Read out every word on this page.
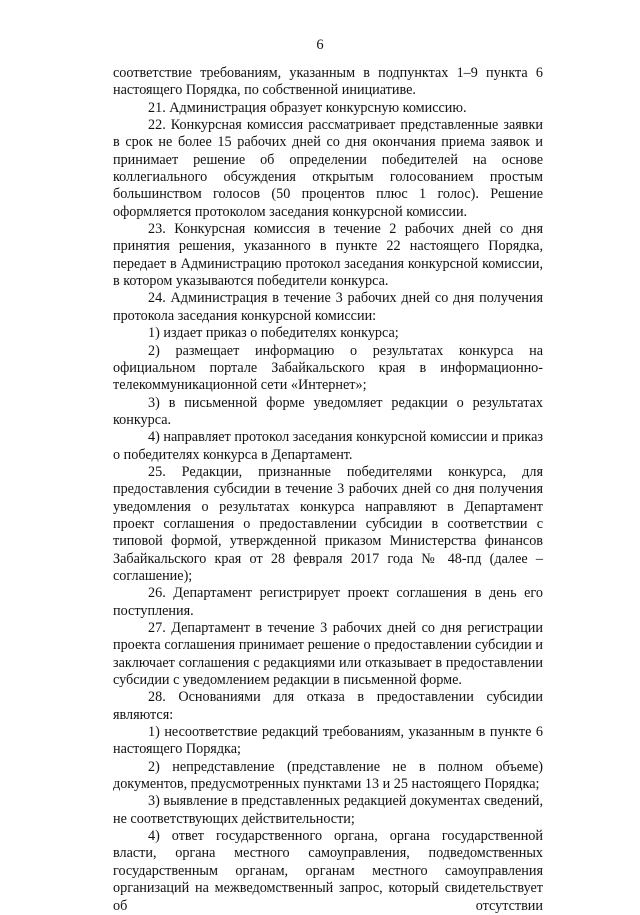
6

соответствие требованиям, указанным в подпунктах 1–9 пункта 6 настоящего Порядка, по собственной инициативе.

21. Администрация образует конкурсную комиссию.

22. Конкурсная комиссия рассматривает представленные заявки в срок не более 15 рабочих дней со дня окончания приема заявок и принимает решение об определении победителей на основе коллегиального обсуждения открытым голосованием простым большинством голосов (50 процентов плюс 1 голос). Решение оформляется протоколом заседания конкурсной комиссии.

23. Конкурсная комиссия в течение 2 рабочих дней со дня принятия решения, указанного в пункте 22 настоящего Порядка, передает в Администрацию протокол заседания конкурсной комиссии, в котором указываются победители конкурса.

24. Администрация в течение 3 рабочих дней со дня получения протокола заседания конкурсной комиссии:

1) издает приказ о победителях конкурса;

2) размещает информацию о результатах конкурса на официальном портале Забайкальского края в информационно-телекоммуникационной сети «Интернет»;

3) в письменной форме уведомляет редакции о результатах конкурса.

4) направляет протокол заседания конкурсной комиссии и приказ о победителях конкурса в Департамент.

25. Редакции, признанные победителями конкурса, для предоставления субсидии в течение 3 рабочих дней со дня получения уведомления о результатах конкурса направляют в Департамент проект соглашения о предоставлении субсидии в соответствии с типовой формой, утвержденной приказом Министерства финансов Забайкальского края от 28 февраля 2017 года № 48-пд (далее – соглашение);

26. Департамент регистрирует проект соглашения в день его поступления.

27. Департамент в течение 3 рабочих дней со дня регистрации проекта соглашения принимает решение о предоставлении субсидии и заключает соглашения с редакциями или отказывает в предоставлении субсидии с уведомлением редакции в письменной форме.

28. Основаниями для отказа в предоставлении субсидии являются:

1) несоответствие редакций требованиям, указанным в пункте 6 настоящего Порядка;

2) непредставление (представление не в полном объеме) документов, предусмотренных пунктами 13 и 25 настоящего Порядка;

3) выявление в представленных редакцией документах сведений, не соответствующих действительности;

4) ответ государственного органа, органа государственной власти, органа местного самоуправления, подведомственных государственным органам, органам местного самоуправления организаций на межведомственный запрос, который свидетельствует об отсутствии
